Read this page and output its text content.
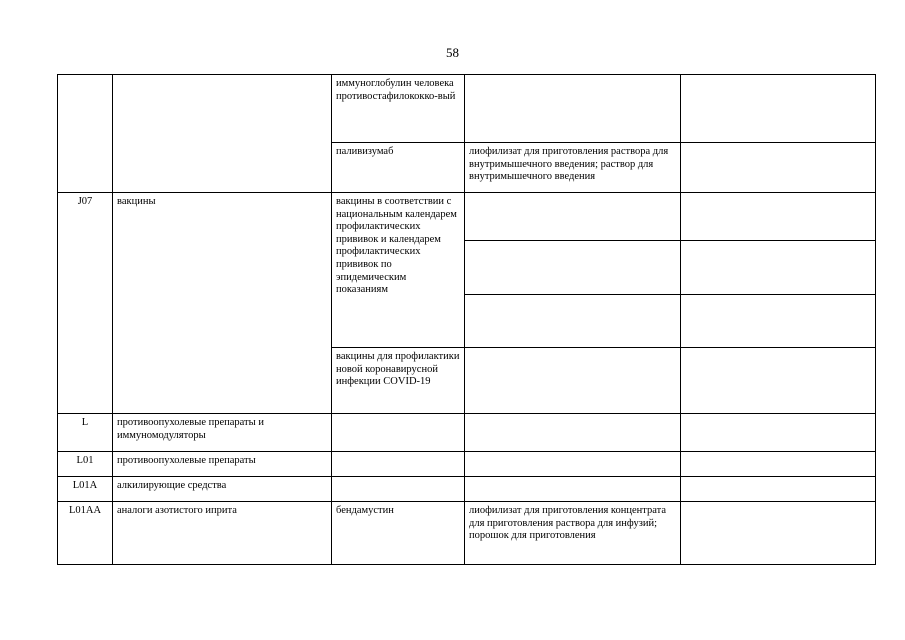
58
		иммуноглобулин человека противостафилококко-вый		
		паливизумаб	лиофилизат для приготовления раствора для внутримышечного введения; раствор для внутримышечного введения	
J07	вакцины	вакцины в соответствии с национальным календарем профилактических прививок и календарем профилактических прививок по эпидемическим показаниям		

		вакцины для профилактики новой коронавирусной инфекции COVID-19		
L	противоопухолевые препараты и иммуномодуляторы			
L01	противоопухолевые препараты			
L01A	алкилирующие средства			
L01AA	аналоги азотистого иприта	бендамустин	лиофилизат для приготовления концентрата для приготовления раствора для инфузий; порошок для приготовления	
